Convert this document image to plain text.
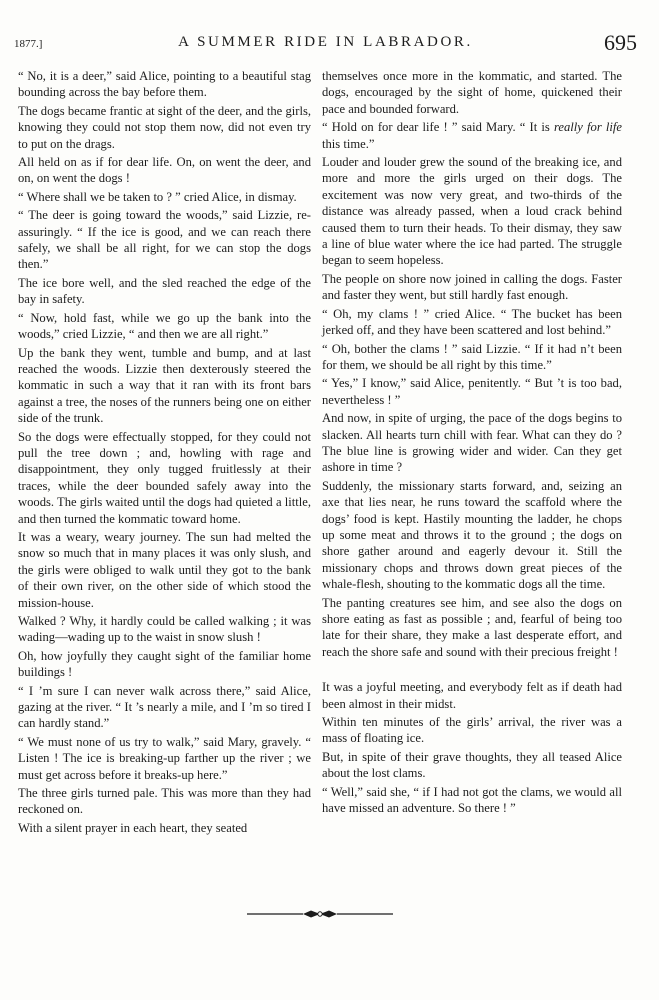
1877.]	A SUMMER RIDE IN LABRADOR.	695

“ No, it is a deer,” said Alice, pointing to a beautiful stag bounding across the bay before them.

The dogs became frantic at sight of the deer, and the girls, knowing they could not stop them now, did not even try to put on the drags.

All held on as if for dear life. On, on went the deer, and on, on went the dogs !

“ Where shall we be taken to ? ” cried Alice, in dismay.

“ The deer is going toward the woods,” said Lizzie, re-assuringly. “ If the ice is good, and we can reach there safely, we shall be all right, for we can stop the dogs then.”

The ice bore well, and the sled reached the edge of the bay in safety.

“ Now, hold fast, while we go up the bank into the woods,” cried Lizzie, “ and then we are all right.”

Up the bank they went, tumble and bump, and at last reached the woods. Lizzie then dexterously steered the kommatic in such a way that it ran with its front bars against a tree, the noses of the runners being one on either side of the trunk.

So the dogs were effectually stopped, for they could not pull the tree down ; and, howling with rage and disappointment, they only tugged fruitlessly at their traces, while the deer bounded safely away into the woods. The girls waited until the dogs had quieted a little, and then turned the kommatic toward home.

It was a weary, weary journey. The sun had melted the snow so much that in many places it was only slush, and the girls were obliged to walk until they got to the bank of their own river, on the other side of which stood the mission-house.

Walked ? Why, it hardly could be called walking ; it was wading—wading up to the waist in snow slush !

Oh, how joyfully they caught sight of the familiar home buildings !

“ I ’m sure I can never walk across there,” said Alice, gazing at the river. “ It ’s nearly a mile, and I ’m so tired I can hardly stand.”

“ We must none of us try to walk,” said Mary, gravely. “ Listen ! The ice is breaking-up farther up the river ; we must get across before it breaks-up here.”

The three girls turned pale. This was more than they had reckoned on.

With a silent prayer in each heart, they seated

themselves once more in the kommatic, and started. The dogs, encouraged by the sight of home, quickened their pace and bounded forward.

“ Hold on for dear life ! ” said Mary. “ It is really for life this time.”

Louder and louder grew the sound of the breaking ice, and more and more the girls urged on their dogs. The excitement was now very great, and two-thirds of the distance was already passed, when a loud crack behind caused them to turn their heads. To their dismay, they saw a line of blue water where the ice had parted. The struggle began to seem hopeless.

The people on shore now joined in calling the dogs. Faster and faster they went, but still hardly fast enough.

“ Oh, my clams ! ” cried Alice. “ The bucket has been jerked off, and they have been scattered and lost behind.”

“ Oh, bother the clams ! ” said Lizzie. “ If it had n’t been for them, we should be all right by this time.”

“ Yes,” I know,” said Alice, penitently. “ But ’t is too bad, nevertheless ! ”

And now, in spite of urging, the pace of the dogs begins to slacken. All hearts turn chill with fear. What can they do ? The blue line is growing wider and wider. Can they get ashore in time ?

Suddenly, the missionary starts forward, and, seizing an axe that lies near, he runs toward the scaffold where the dogs’ food is kept. Hastily mounting the ladder, he chops up some meat and throws it to the ground ; the dogs on shore gather around and eagerly devour it. Still the missionary chops and throws down great pieces of the whale-flesh, shouting to the kommatic dogs all the time.

The panting creatures see him, and see also the dogs on shore eating as fast as possible ; and, fearful of being too late for their share, they make a last desperate effort, and reach the shore safe and sound with their precious freight !

It was a joyful meeting, and everybody felt as if death had been almost in their midst.

Within ten minutes of the girls’ arrival, the river was a mass of floating ice.

But, in spite of their grave thoughts, they all teased Alice about the lost clams.

“ Well,” said she, “ if I had not got the clams, we would all have missed an adventure. So there ! ”
